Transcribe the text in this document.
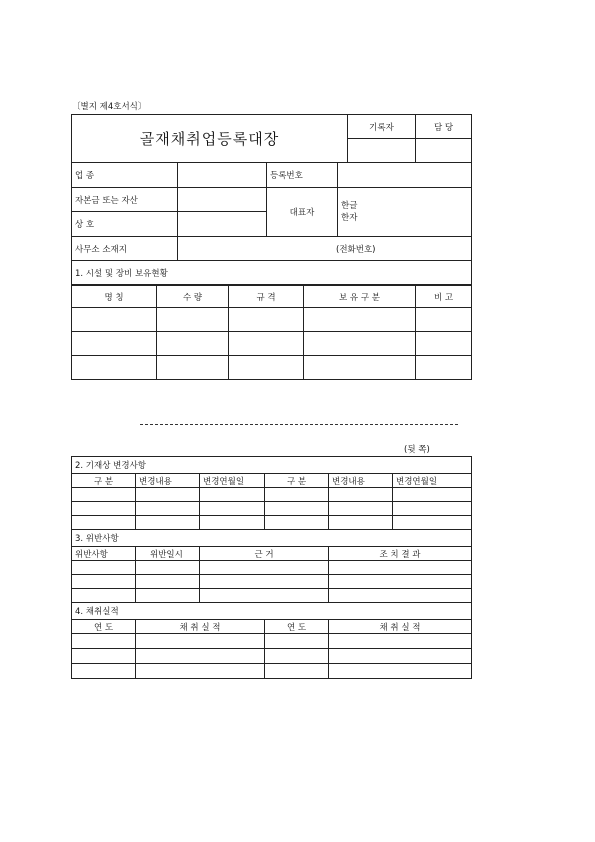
〔별지 제4호서식〕
골재채취업등록대장	기록자	담 당

업 종		등록번호	
자본금 또는 자산		대표자	한글
한자

상 호			
사무소 소재지	(전화번호)		
1. 시설 및 장비 보유현황			
명 칭	수 량	규 격	보 유 구 분	비 고

(뒷 쪽)
2. 기재상 변경사항					
구 분	변경내용	변경연월일	구 분	변경내용	변경연월일

3. 위반사항					
위반사항	위반일시	근 거		조 치 결 과	

4. 채취실적					
연 도	채 취 실 적		연 도	채 취 실 적	
